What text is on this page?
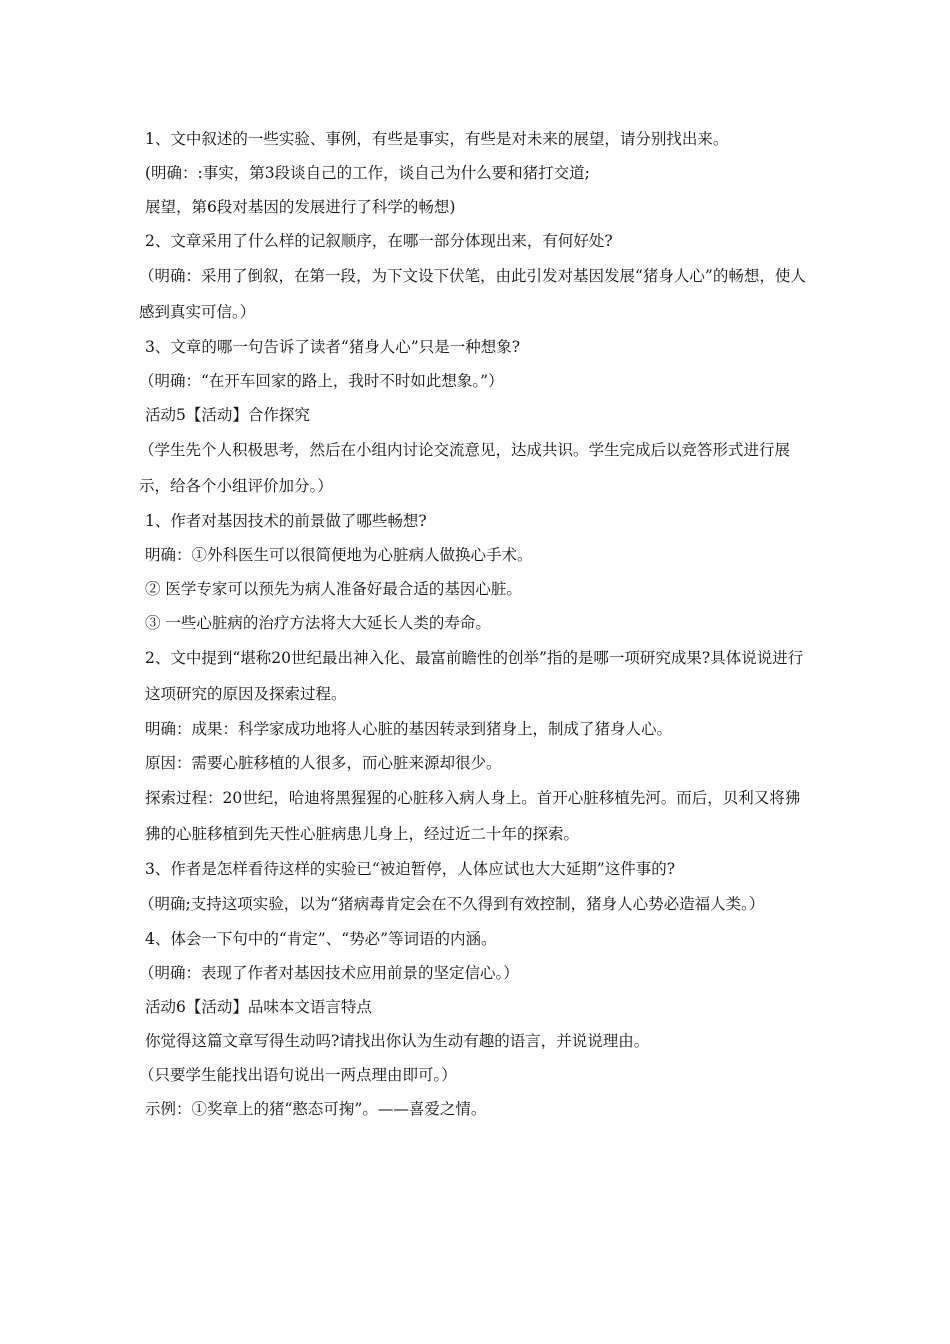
1、文中叙述的一些实验、事例，有些是事实，有些是对未来的展望，请分别找出来。

(明确：:事实，第3段谈自己的工作，谈自己为什么要和猪打交道;

展望，第6段对基因的发展进行了科学的畅想)

2、文章采用了什么样的记叙顺序，在哪一部分体现出来，有何好处?

（明确：采用了倒叙，在第一段，为下文设下伏笔，由此引发对基因发展“猪身人心”的畅想，使人感到真实可信。）

3、文章的哪一句告诉了读者“猪身人心”只是一种想象?

（明确：“在开车回家的路上，我时不时如此想象。”）

活动5【活动】合作探究

（学生先个人积极思考，然后在小组内讨论交流意见，达成共识。学生完成后以竞答形式进行展示，给各个小组评价加分。）

1、作者对基因技术的前景做了哪些畅想?

明确：①外科医生可以很简便地为心脏病人做换心手术。

② 医学专家可以预先为病人准备好最合适的基因心脏。

③ 一些心脏病的治疗方法将大大延长人类的寿命。

2、文中提到“堪称20世纪最出神入化、最富前瞻性的创举”指的是哪一项研究成果?具体说说进行这项研究的原因及探索过程。

明确：成果：科学家成功地将人心脏的基因转录到猪身上，制成了猪身人心。

原因：需要心脏移植的人很多，而心脏来源却很少。

探索过程：20世纪，哈迪将黑猩猩的心脏移入病人身上。首开心脏移植先河。而后，贝利又将狒狒的心脏移植到先天性心脏病患儿身上，经过近二十年的探索。

3、作者是怎样看待这样的实验已“被迫暂停，人体应试也大大延期”这件事的?

（明确;支持这项实验，以为“猪病毒肯定会在不久得到有效控制，猪身人心势必造福人类。）

4、体会一下句中的“肯定”、“势必”等词语的内涵。

（明确：表现了作者对基因技术应用前景的坚定信心。）

活动6【活动】品味本文语言特点

你觉得这篇文章写得生动吗?请找出你认为生动有趣的语言，并说说理由。

（只要学生能找出语句说出一两点理由即可。）

示例：①奖章上的猪“憨态可掬”。——喜爱之情。
